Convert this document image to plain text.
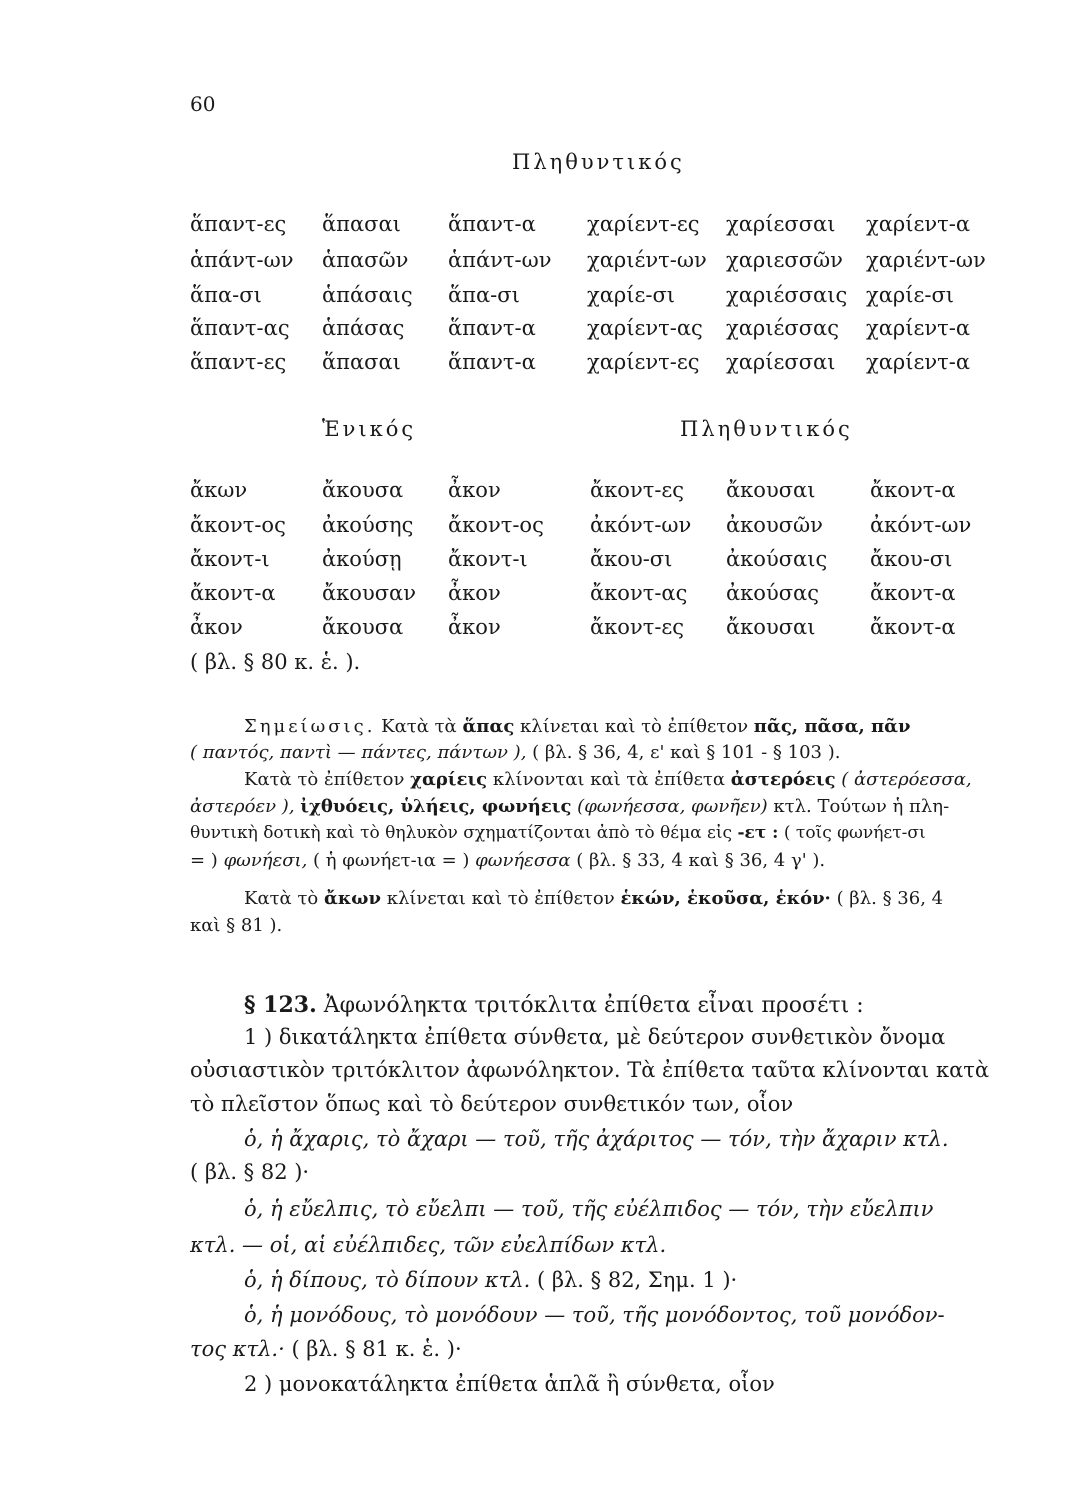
60
Πληθυντικός
ἅπαντ-ες ἅπασαι ἅπαντ-α χαρίεντ-ες χαρίεσσαι χαρίεντ-α
ἁπάντ-ων ἁπασῶν ἁπάντ-ων χαριέντ-ων χαριεσσῶν χαριέντ-ων
ἅπα-σι	ἁπάσαις ἅπα-σι	χαρίε-σι χαριέσσαις χαρίε-σι
ἅπαντ-ας ἁπάσας ἅπαντ-α χαρίεντ-ας χαριέσσας χαρίεντ-α
ἅπαντ-ες ἅπασαι ἅπαντ-α χαρίεντ-ες χαρίεσσαι χαρίεντ-α
Ἑνικός	Πληθυντικός
ἄκων	ἄκουσα ἆκον	ἄκοντ-ες ἄκουσαι	ἄκοντ-α
ἄκοντ-ος ἀκούσης ἄκοντ-ος ἀκόντ-ων ἀκουσῶν ἀκόντ-ων
ἄκοντ-ι ἀκούσῃ ἄκοντ-ι	ἄκου-σι	ἀκούσαις ἄκου-σι
ἄκοντ-α ἄκουσαν ἆκον	ἄκοντ-ας ἀκούσας ἄκοντ-α
ἆκον	ἄκουσα ἆκον	ἄκοντ-ες ἄκουσαι	ἄκοντ-α
( βλ. § 80 κ. ἑ. ).
Σημείωσις. Κατὰ τὰ ἅπας κλίνεται καὶ τὸ ἐπίθετον πᾶς, πᾶσα, πᾶν
( παντός, παντὶ — πάντες, πάντων ), ( βλ. § 36, 4, ε' καὶ § 101 - § 103 ).
Κατὰ τὸ ἐπίθετον χαρίεις κλίνονται καὶ τὰ ἐπίθετα ἀστερόεις ( ἀστερόεσσα,
ἀστερόεν ), ἰχθυόεις, ὑλήεις, φωνήεις (φωνήεσσα, φωνῆεν) κτλ. Τούτων ἡ πλη-
θυντικὴ δοτικὴ καὶ τὸ θηλυκὸν σχηματίζονται ἀπὸ τὸ θέμα εἰς -ετ : ( τοῖς φωνήετ-σι
= ) φωνήεσι, ( ἡ φωνήετ-ια = ) φωνήεσσα ( βλ. § 33, 4 καὶ § 36, 4 γ' ).
Κατὰ τὸ ἄκων κλίνεται καὶ τὸ ἐπίθετον ἑκών, ἑκοῦσα, ἑκόν· ( βλ. § 36, 4
καὶ § 81 ).
§ 123. Ἀφωνόληκτα τριτόκλιτα ἐπίθετα εἶναι προσέτι :
1 ) δικατάληκτα ἐπίθετα σύνθετα, μὲ δεύτερον συνθετικὸν ὄνομα
οὐσιαστικὸν τριτόκλιτον ἀφωνόληκτον. Τὰ ἐπίθετα ταῦτα κλίνονται κατὰ
τὸ πλεῖστον ὅπως καὶ τὸ δεύτερον συνθετικόν των, οἷον
ὁ, ἡ ἄχαρις, τὸ ἄχαρι — τοῦ, τῆς ἀχάριτος — τόν, τὴν ἄχαριν κτλ.
( βλ. § 82 )·
ὁ, ἡ εὔελπις, τὸ εὔελπι — τοῦ, τῆς εὐέλπιδος — τόν, τὴν εὔελπιν
κτλ. — οἱ, αἱ εὐέλπιδες, τῶν εὐελπίδων κτλ.
ὁ, ἡ δίπους, τὸ δίπουν κτλ. ( βλ. § 82, Σημ. 1 )·
ὁ, ἡ μονόδους, τὸ μονόδουν — τοῦ, τῆς μονόδοντος, τοῦ μονόδον-
τος κτλ.· ( βλ. § 81 κ. ἑ. )·
2 ) μονοκατάληκτα ἐπίθετα ἁπλᾶ ἢ σύνθετα, οἷον
